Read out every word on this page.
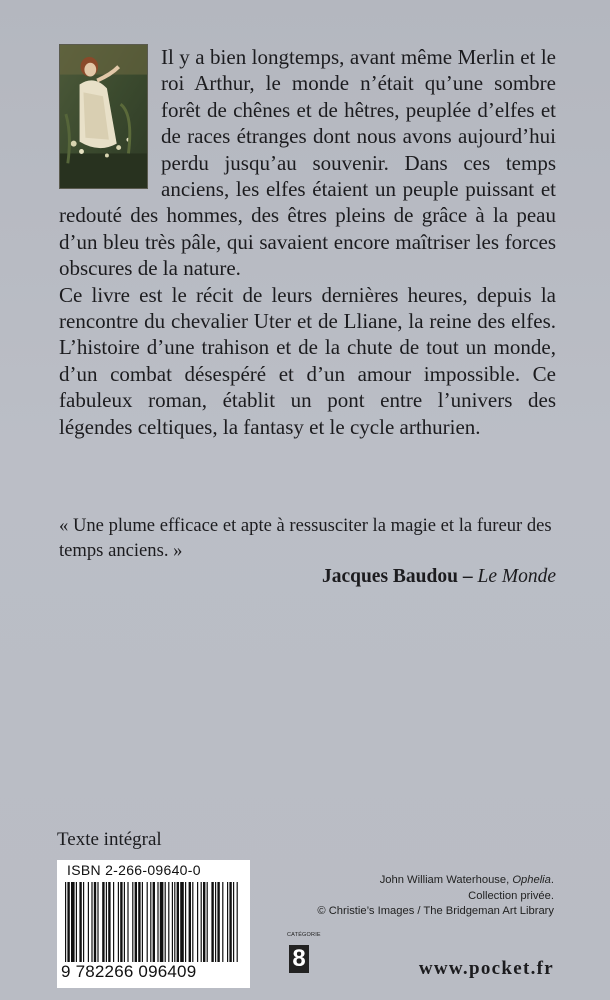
Il y a bien longtemps, avant même Merlin et le roi Arthur, le monde n’était qu’une sombre forêt de chênes et de hêtres, peuplée d’elfes et de races étranges dont nous avons aujourd’hui perdu jusqu’au souvenir. Dans ces temps anciens, les elfes étaient un peuple puissant et redouté des hommes, des êtres pleins de grâce à la peau d’un bleu très pâle, qui savaient encore maîtriser les forces obscures de la nature.

Ce livre est le récit de leurs dernières heures, depuis la rencontre du chevalier Uter et de Lliane, la reine des elfes. L’histoire d’une trahison et de la chute de tout un monde, d’un combat désespéré et d’un amour impossible. Ce fabuleux roman, établit un pont entre l’univers des légendes celtiques, la fantasy et le cycle arthurien.

« Une plume efficace et apte à ressusciter la magie et la fureur des temps anciens. »
Jacques Baudou – Le Monde
Texte intégral
ISBN 2-266-09640-0
9 782266 096409
John William Waterhouse, Ophelia.
Collection privée.
© Christie’s Images / The Bridgeman Art Library
CATÉGORIE
8	www.pocket.fr
